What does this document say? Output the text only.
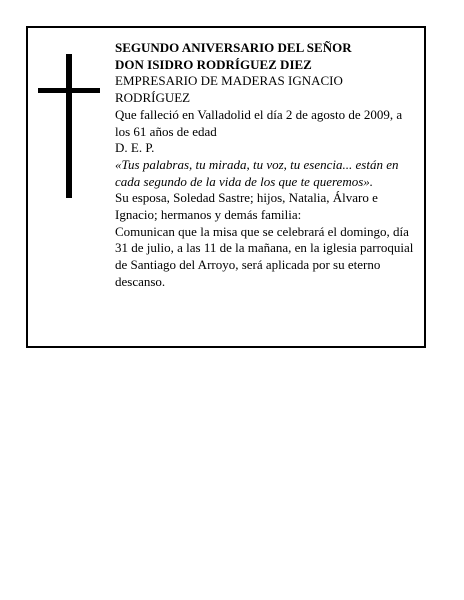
SEGUNDO ANIVERSARIO DEL SEÑOR

DON ISIDRO RODRÍGUEZ DIEZ

EMPRESARIO DE MADERAS IGNACIO RODRÍGUEZ

Que falleció en Valladolid el día 2 de agosto de 2009, a los 61 años de edad

D. E. P.

«Tus palabras, tu mirada, tu voz, tu esencia... están en cada segundo de la vida de los que te queremos».

Su esposa, Soledad Sastre; hijos, Natalia, Álvaro e Ignacio; hermanos y demás familia:

Comunican que la misa que se celebrará el domingo, día 31 de julio, a las 11 de la mañana, en la iglesia parroquial de Santiago del Arroyo, será aplicada por su eterno descanso.
